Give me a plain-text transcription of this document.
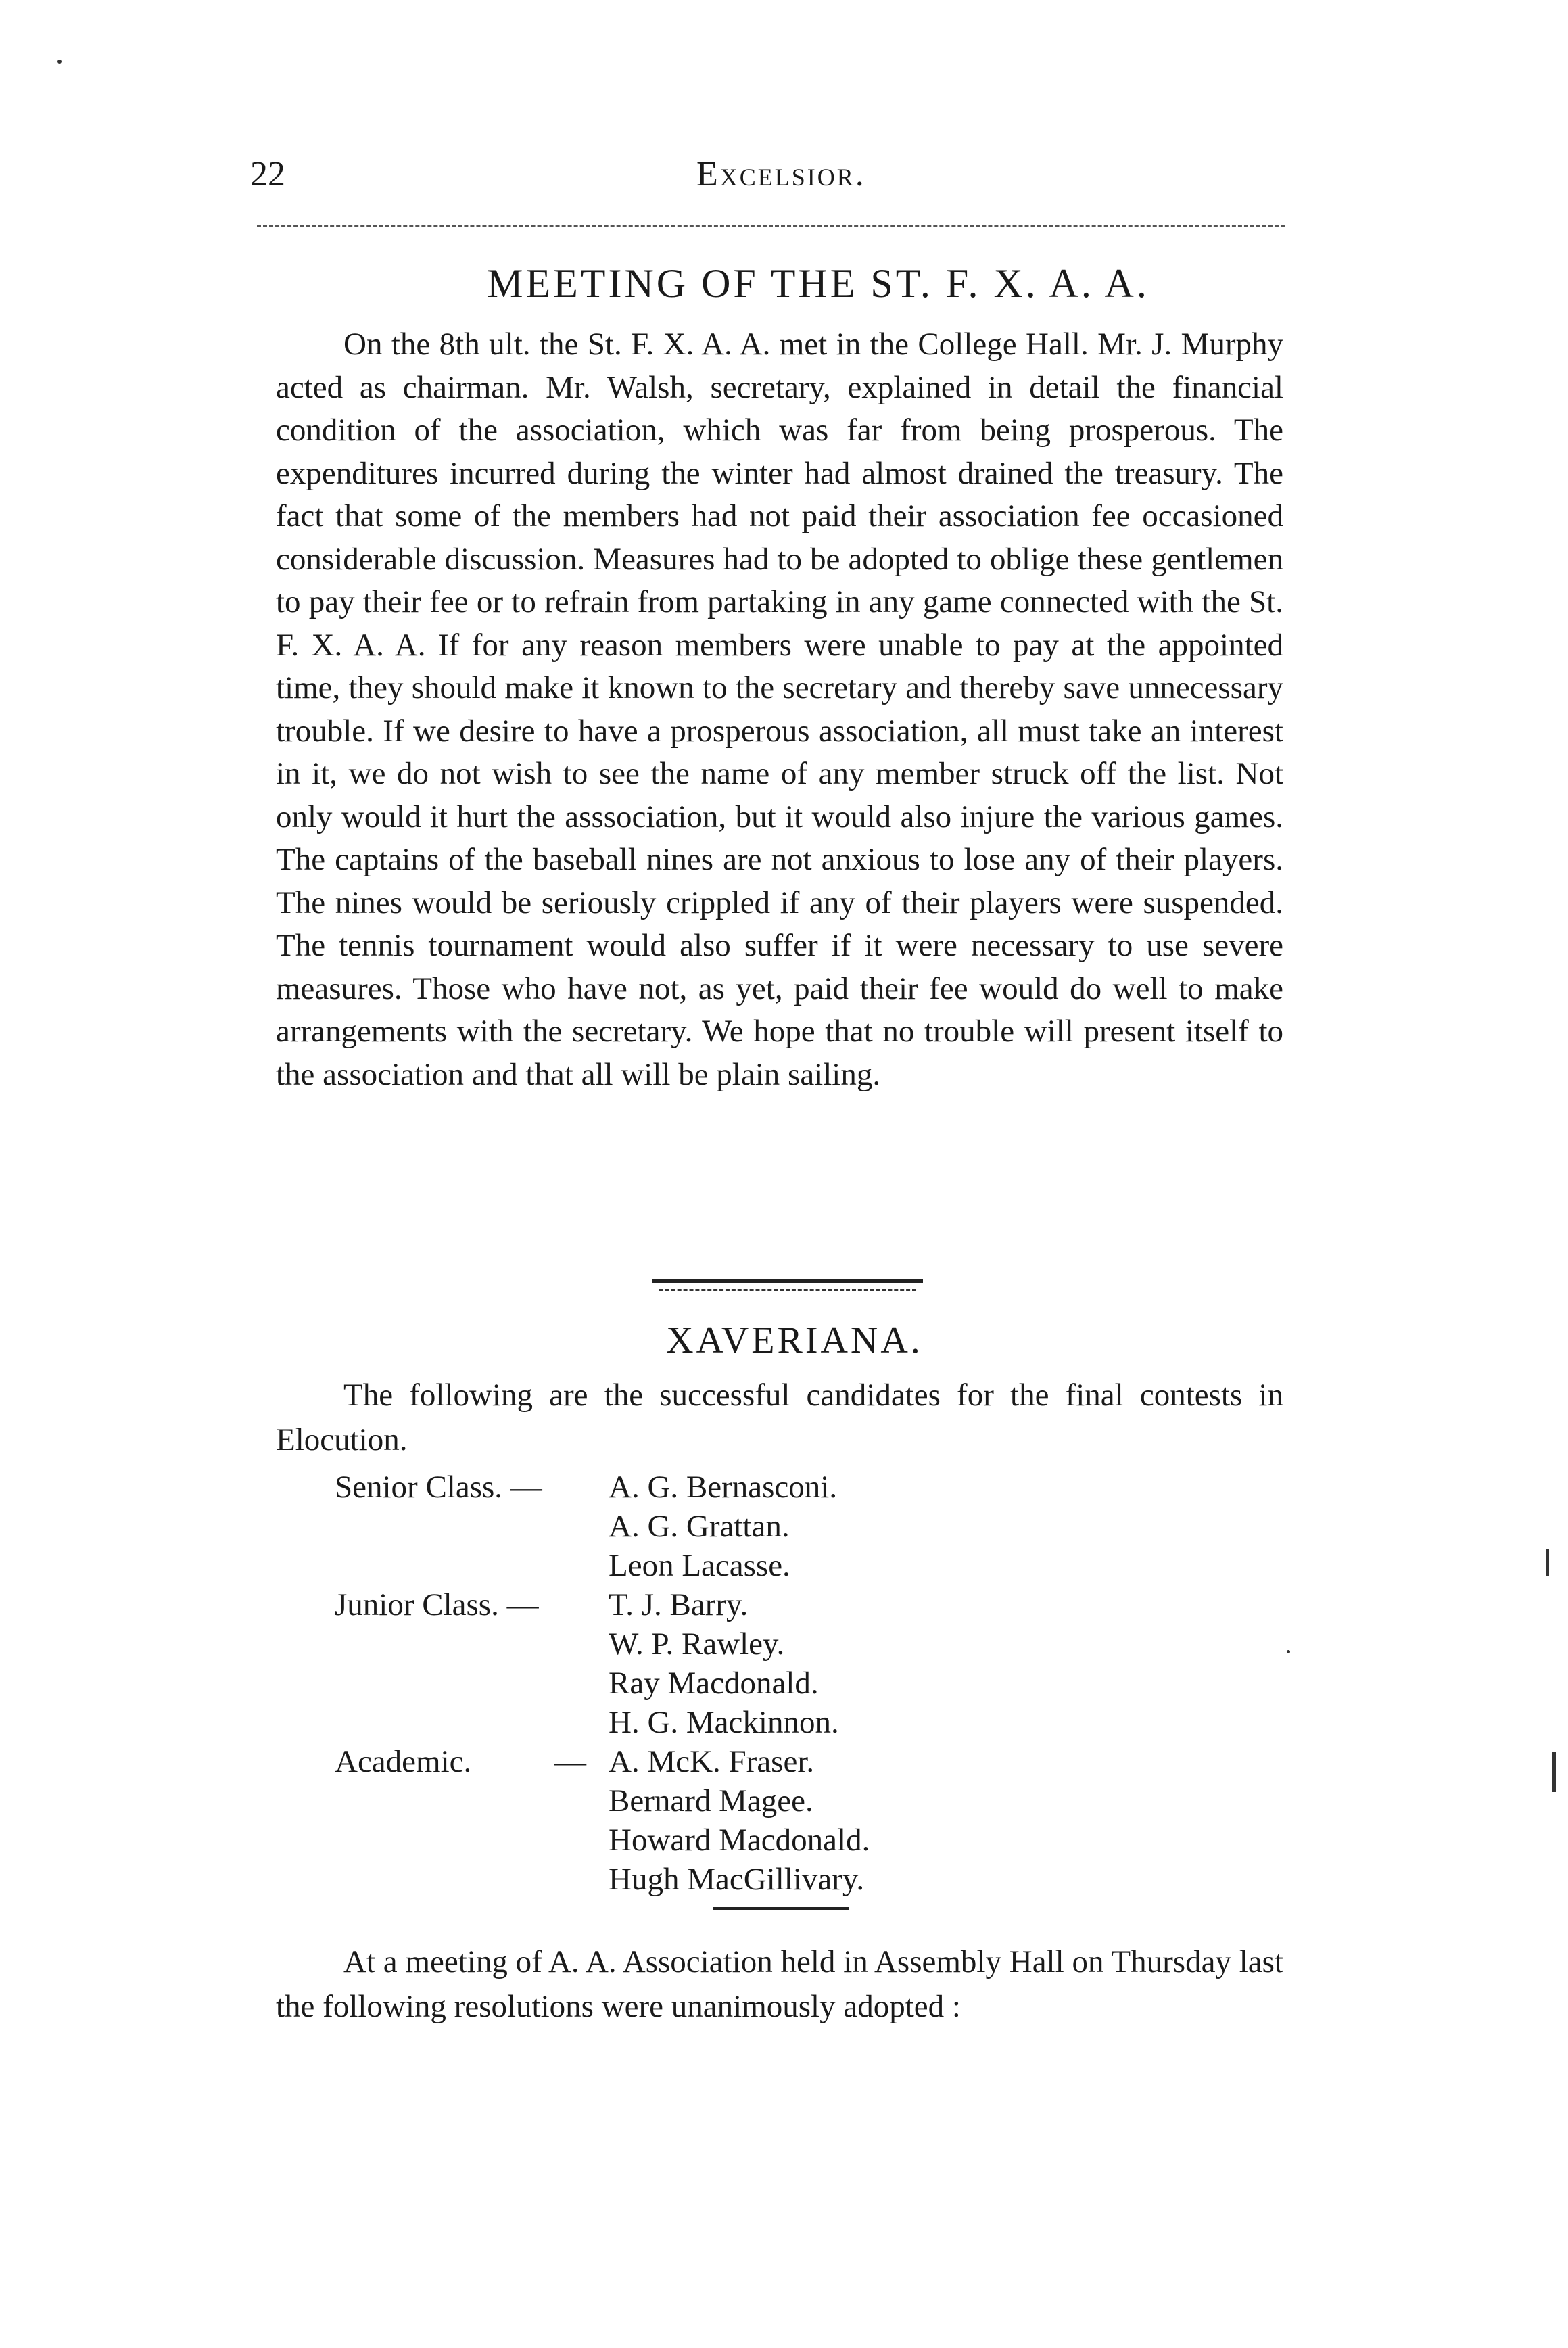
22	Excelsior.
MEETING OF THE ST. F. X. A. A.

On the 8th ult. the St. F. X. A. A. met in the College Hall. Mr. J. Murphy acted as chairman. Mr. Walsh, secretary, explained in detail the financial condition of the association, which was far from being prosperous. The expenditures incurred during the winter had almost drained the treasury. The fact that some of the members had not paid their association fee occasioned considerable discussion. Measures had to be adopted to oblige these gentlemen to pay their fee or to refrain from partaking in any game connected with the St. F. X. A. A. If for any reason members were unable to pay at the appointed time, they should make it known to the secretary and thereby save unnecessary trouble. If we desire to have a prosperous association, all must take an interest in it, we do not wish to see the name of any member struck off the list. Not only would it hurt the asssociation, but it would also injure the various games. The captains of the baseball nines are not anxious to lose any of their players. The nines would be seriously crippled if any of their players were suspended. The tennis tournament would also suffer if it were necessary to use severe measures. Those who have not, as yet, paid their fee would do well to make arrangements with the secretary. We hope that no trouble will present itself to the association and that all will be plain sailing.

XAVERIANA.

The following are the successful candidates for the final contests in Elocution.

Senior Class. — A. G. Bernasconi.
A. G. Grattan.
Leon Lacasse.
Junior Class. — T. J. Barry.
W. P. Rawley.
Ray Macdonald.
H. G. Mackinnon.
Academic.	— A. McK. Fraser.
Bernard Magee.
Howard Macdonald.
Hugh MacGillivary.

At a meeting of A. A. Association held in Assembly Hall on Thursday last the following resolutions were unanimously adopted :
